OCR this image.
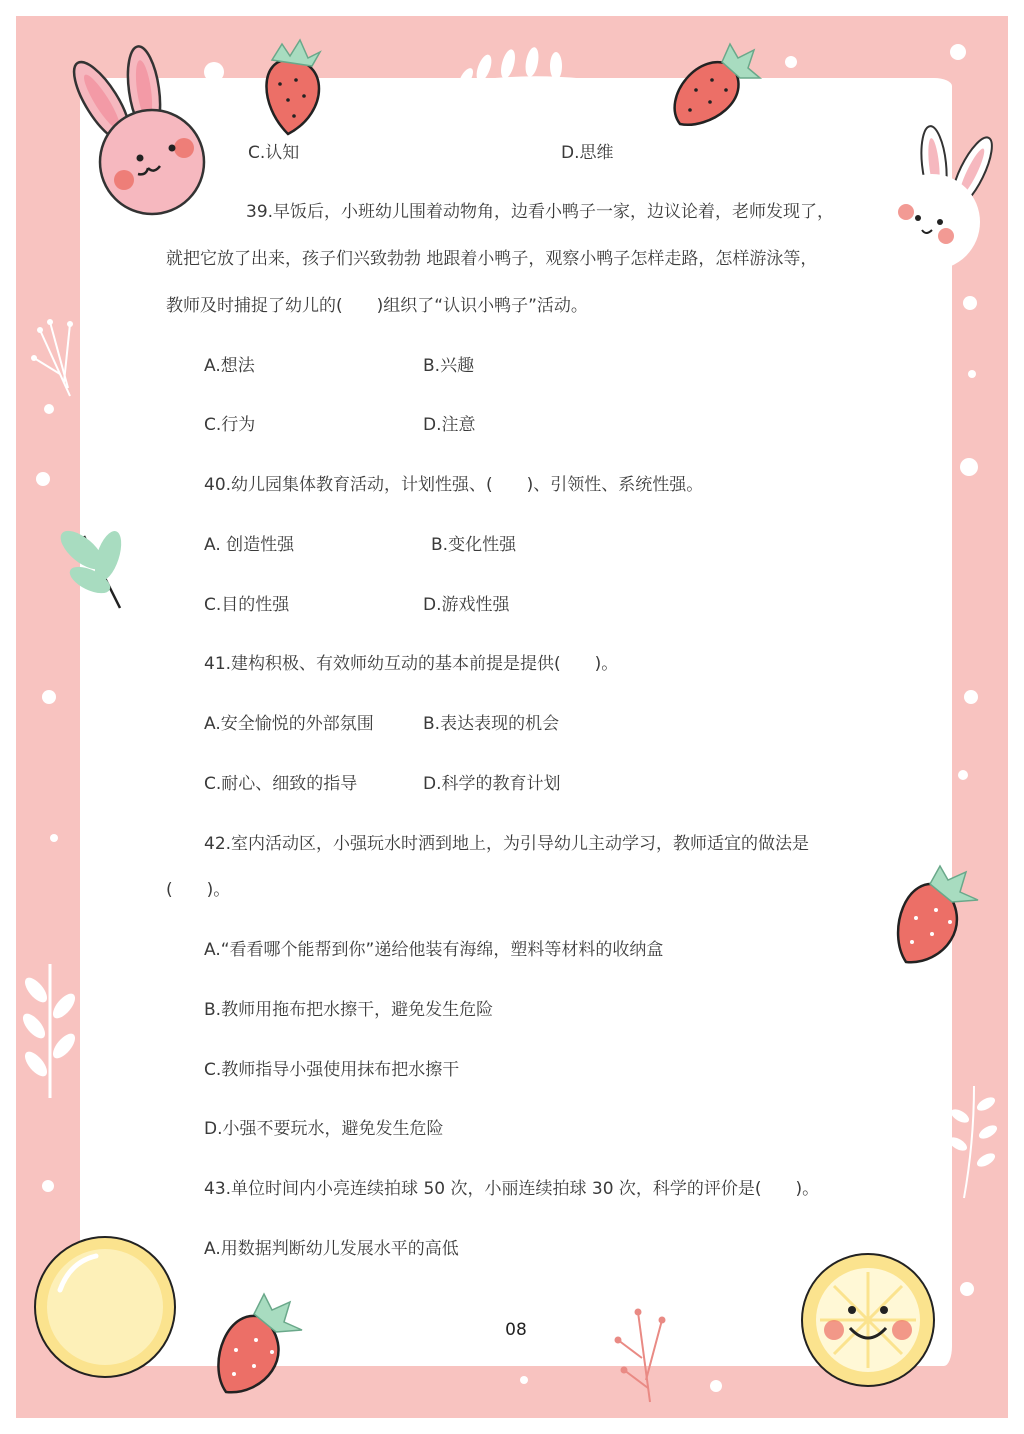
C.认知	D.思维

39.早饭后，小班幼儿围着动物角，边看小鸭子一家，边议论着，老师发现了，

就把它放了出来，孩子们兴致勃勃 地跟着小鸭子，观察小鸭子怎样走路，怎样游泳等，

教师及时捕捉了幼儿的(　　)组织了“认识小鸭子”活动。

A.想法	B.兴趣
C.行为	D.注意

40.幼儿园集体教育活动，计划性强、(　　)、引领性、系统性强。

A. 创造性强	B.变化性强
C.目的性强	D.游戏性强

41.建构积极、有效师幼互动的基本前提是提供(　　)。

A.安全愉悦的外部氛围	B.表达表现的机会
C.耐心、细致的指导	D.科学的教育计划

42.室内活动区，小强玩水时洒到地上，为引导幼儿主动学习，教师适宜的做法是

(　　)。

A.“看看哪个能帮到你”递给他装有海绵，塑料等材料的收纳盒
B.教师用拖布把水擦干，避免发生危险
C.教师指导小强使用抹布把水擦干
D.小强不要玩水，避免发生危险

43.单位时间内小亮连续拍球 50 次，小丽连续拍球 30 次，科学的评价是(　　)。

A.用数据判断幼儿发展水平的高低
08
